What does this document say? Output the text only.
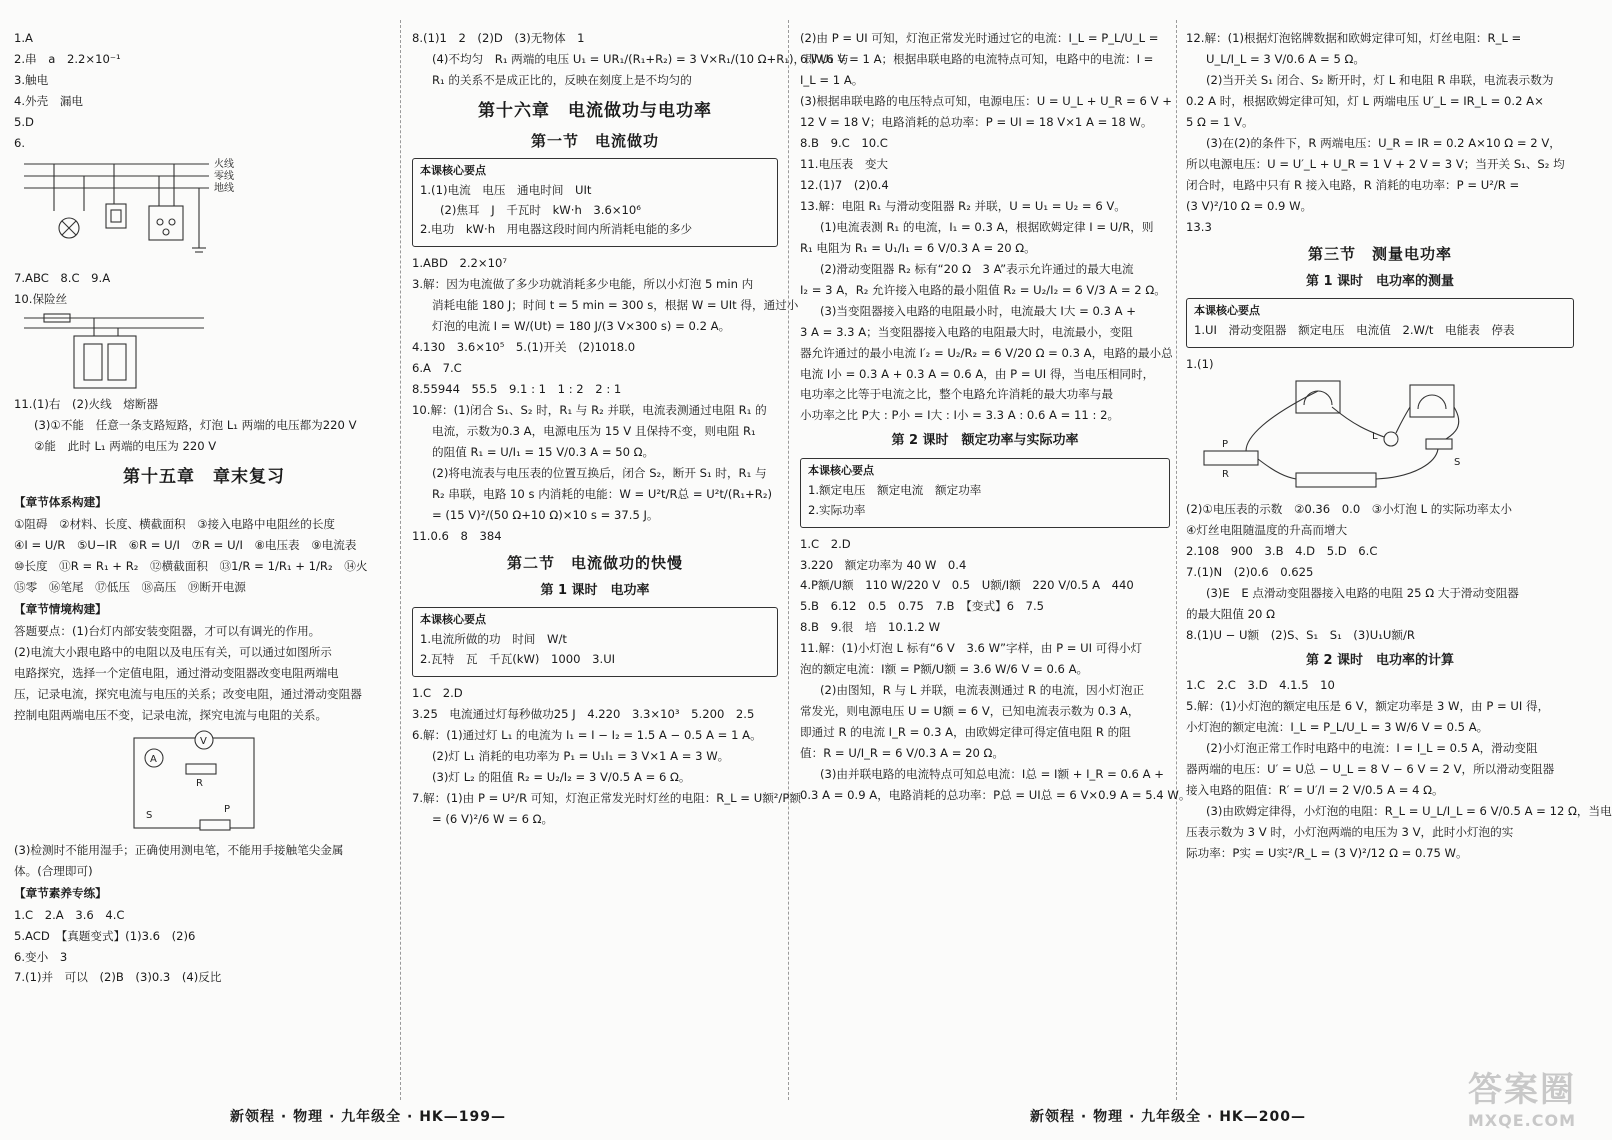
1.A
2.串　a　2.2×10⁻¹
3.触电
4.外壳　漏电
5.D
6.
火线
零线
地线
7.ABC　8.C　9.A
10.保险丝
11.(1)右　(2)火线　熔断器
(3)①不能　任意一条支路短路，灯泡 L₁ 两端的电压都为220 V
②能　此时 L₁ 两端的电压为 220 V
第十五章　章末复习
【章节体系构建】
①阻碍　②材料、长度、横截面积　③接入电路中电阻丝的长度
④I = U/R　⑤U−IR　⑥R = U/I　⑦R = U/I　⑧电压表　⑨电流表
⑩长度　⑪R = R₁ + R₂　⑫横截面积　⑬1/R = 1/R₁ + 1/R₂　⑭火
⑮零　⑯笔尾　⑰低压　⑱高压　⑲断开电源
【章节情境构建】
答题要点：(1)台灯内部安装变阻器，才可以有调光的作用。
(2)电流大小跟电路中的电阻以及电压有关，可以通过如图所示
电路探究，选择一个定值电阻，通过滑动变阻器改变电阻两端电
压，记录电流，探究电流与电压的关系；改变电阻，通过滑动变阻器
控制电阻两端电压不变，记录电流，探究电流与电阻的关系。
A
V
R
S
P
(3)检测时不能用湿手；正确使用测电笔，不能用手接触笔尖金属
体。(合理即可)
【章节素养专练】
1.C　2.A　3.6　4.C
5.ACD　【真题变式】(1)3.6　(2)6
6.变小　3
7.(1)并　可以　(2)B　(3)0.3　(4)反比
8.(1)1　2　(2)D　(3)无物体　1
(4)不均匀　R₁ 两端的电压 U₁ = UR₁/(R₁+R₂) = 3 V×R₁/(10 Ω+R₁)，即 U₁ 与
R₁ 的关系不是成正比的，反映在刻度上是不均匀的
第十六章　电流做功与电功率
第一节　电流做功
本课核心要点
1.(1)电流　电压　通电时间　UIt
(2)焦耳　J　千瓦时　kW·h　3.6×10⁶
2.电功　kW·h　用电器这段时间内所消耗电能的多少
1.ABD　2.2×10⁷
3.解：因为电流做了多少功就消耗多少电能，所以小灯泡 5 min 内
消耗电能 180 J；时间 t = 5 min = 300 s，根据 W = UIt 得，通过小
灯泡的电流 I = W/(Ut) = 180 J/(3 V×300 s) = 0.2 A。
4.130　3.6×10⁵　5.(1)开关　(2)1018.0
6.A　7.C
8.55944　55.5　9.1 : 1　1 : 2　2 : 1
10.解：(1)闭合 S₁、S₂ 时，R₁ 与 R₂ 并联，电流表测通过电阻 R₁ 的
电流，示数为0.3 A，电源电压为 15 V 且保持不变，则电阻 R₁
的阻值 R₁ = U/I₁ = 15 V/0.3 A = 50 Ω。
(2)将电流表与电压表的位置互换后，闭合 S₂，断开 S₁ 时，R₁ 与
R₂ 串联，电路 10 s 内消耗的电能：W = U²t/R总 = U²t/(R₁+R₂)
= (15 V)²/(50 Ω+10 Ω)×10 s = 37.5 J。
11.0.6　8　384
第二节　电流做功的快慢
第 1 课时　电功率
本课核心要点
1.电流所做的功　时间　W/t
2.瓦特　瓦　千瓦(kW)　1000　3.UI
1.C　2.D
3.25　电流通过灯每秒做功25 J　4.220　3.3×10³　5.200　2.5
6.解：(1)通过灯 L₁ 的电流为 I₁ = I − I₂ = 1.5 A − 0.5 A = 1 A。
(2)灯 L₁ 消耗的电功率为 P₁ = U₁I₁ = 3 V×1 A = 3 W。
(3)灯 L₂ 的阻值 R₂ = U₂/I₂ = 3 V/0.5 A = 6 Ω。
7.解：(1)由 P = U²/R 可知，灯泡正常发光时灯丝的电阻：R_L = U额²/P额
= (6 V)²/6 W = 6 Ω。
(2)由 P = UI 可知，灯泡正常发光时通过它的电流：I_L = P_L/U_L =
6 W/6 V = 1 A；根据串联电路的电流特点可知，电路中的电流：I =
I_L = 1 A。
(3)根据串联电路的电压特点可知，电源电压：U = U_L + U_R = 6 V +
12 V = 18 V；电路消耗的总功率：P = UI = 18 V×1 A = 18 W。
8.B　9.C　10.C
11.电压表　变大
12.(1)7　(2)0.4
13.解：电阻 R₁ 与滑动变阻器 R₂ 并联，U = U₁ = U₂ = 6 V。
(1)电流表测 R₁ 的电流，I₁ = 0.3 A，根据欧姆定律 I = U/R，则
R₁ 电阻为 R₁ = U₁/I₁ = 6 V/0.3 A = 20 Ω。
(2)滑动变阻器 R₂ 标有“20 Ω　3 A”表示允许通过的最大电流
I₂ = 3 A，R₂ 允许接入电路的最小阻值 R₂ = U₂/I₂ = 6 V/3 A = 2 Ω。
(3)当变阻器接入电路的电阻最小时，电流最大 I大 = 0.3 A +
3 A = 3.3 A；当变阻器接入电路的电阻最大时，电流最小，变阻
器允许通过的最小电流 I′₂ = U₂/R₂ = 6 V/20 Ω = 0.3 A，电路的最小总
电流 I小 = 0.3 A + 0.3 A = 0.6 A，由 P = UI 得，当电压相同时，
电功率之比等于电流之比，整个电路允许消耗的最大功率与最
小功率之比 P大 : P小 = I大 : I小 = 3.3 A : 0.6 A = 11 : 2。
第 2 课时　额定功率与实际功率
本课核心要点
1.额定电压　额定电流　额定功率
2.实际功率
1.C　2.D
3.220　额定功率为 40 W　0.4
4.P额/U额　110 W/220 V　0.5　U额/I额　220 V/0.5 A　440
5.B　6.12　0.5　0.75　7.B　【变式】6　7.5
8.B　9.很　培　10.1.2 W
11.解：(1)小灯泡 L 标有“6 V　3.6 W”字样，由 P = UI 可得小灯
泡的额定电流：I额 = P额/U额 = 3.6 W/6 V = 0.6 A。
(2)由图知，R 与 L 并联，电流表测通过 R 的电流，因小灯泡正
常发光，则电源电压 U = U额 = 6 V，已知电流表示数为 0.3 A，
即通过 R 的电流 I_R = 0.3 A，由欧姆定律可得定值电阻 R 的阻
值：R = U/I_R = 6 V/0.3 A = 20 Ω。
(3)由并联电路的电流特点可知总电流：I总 = I额 + I_R = 0.6 A +
0.3 A = 0.9 A，电路消耗的总功率：P总 = UI总 = 6 V×0.9 A = 5.4 W。
12.解：(1)根据灯泡铭牌数据和欧姆定律可知，灯丝电阻：R_L =
U_L/I_L = 3 V/0.6 A = 5 Ω。
(2)当开关 S₁ 闭合、S₂ 断开时，灯 L 和电阻 R 串联，电流表示数为
0.2 A 时，根据欧姆定律可知，灯 L 两端电压 U′_L = IR_L = 0.2 A×
5 Ω = 1 V。
(3)在(2)的条件下，R 两端电压：U_R = IR = 0.2 A×10 Ω = 2 V，
所以电源电压：U = U′_L + U_R = 1 V + 2 V = 3 V；当开关 S₁、S₂ 均
闭合时，电路中只有 R 接入电路，R 消耗的电功率：P = U²/R =
(3 V)²/10 Ω = 0.9 W。
13.3
第三节　测量电功率
第 1 课时　电功率的测量
本课核心要点
1.UI　滑动变阻器　额定电压　电流值　2.W/t　电能表　停表
1.(1)
L
S
R
P
(2)①电压表的示数　②0.36　0.0　③小灯泡 L 的实际功率太小
④灯丝电阻随温度的升高而增大
2.108　900　3.B　4.D　5.D　6.C
7.(1)N　(2)0.6　0.625
(3)E　E 点滑动变阻器接入电路的电阻 25 Ω 大于滑动变阻器
的最大阻值 20 Ω
8.(1)U − U额　(2)S、S₁　S₁　(3)U₁U额/R
第 2 课时　电功率的计算
1.C　2.C　3.D　4.1.5　10
5.解：(1)小灯泡的额定电压是 6 V，额定功率是 3 W，由 P = UI 得，
小灯泡的额定电流：I_L = P_L/U_L = 3 W/6 V = 0.5 A。
(2)小灯泡正常工作时电路中的电流：I = I_L = 0.5 A，滑动变阻
器两端的电压：U′ = U总 − U_L = 8 V − 6 V = 2 V，所以滑动变阻器
接入电路的阻值：R′ = U′/I = 2 V/0.5 A = 4 Ω。
(3)由欧姆定律得，小灯泡的电阻：R_L = U_L/I_L = 6 V/0.5 A = 12 Ω，当电
压表示数为 3 V 时，小灯泡两端的电压为 3 V，此时小灯泡的实
际功率：P实 = U实²/R_L = (3 V)²/12 Ω = 0.75 W。
新领程 · 物理 · 九年级全 · HK—199—	新领程 · 物理 · 九年级全 · HK—200—
答案圈
MXQE.COM
